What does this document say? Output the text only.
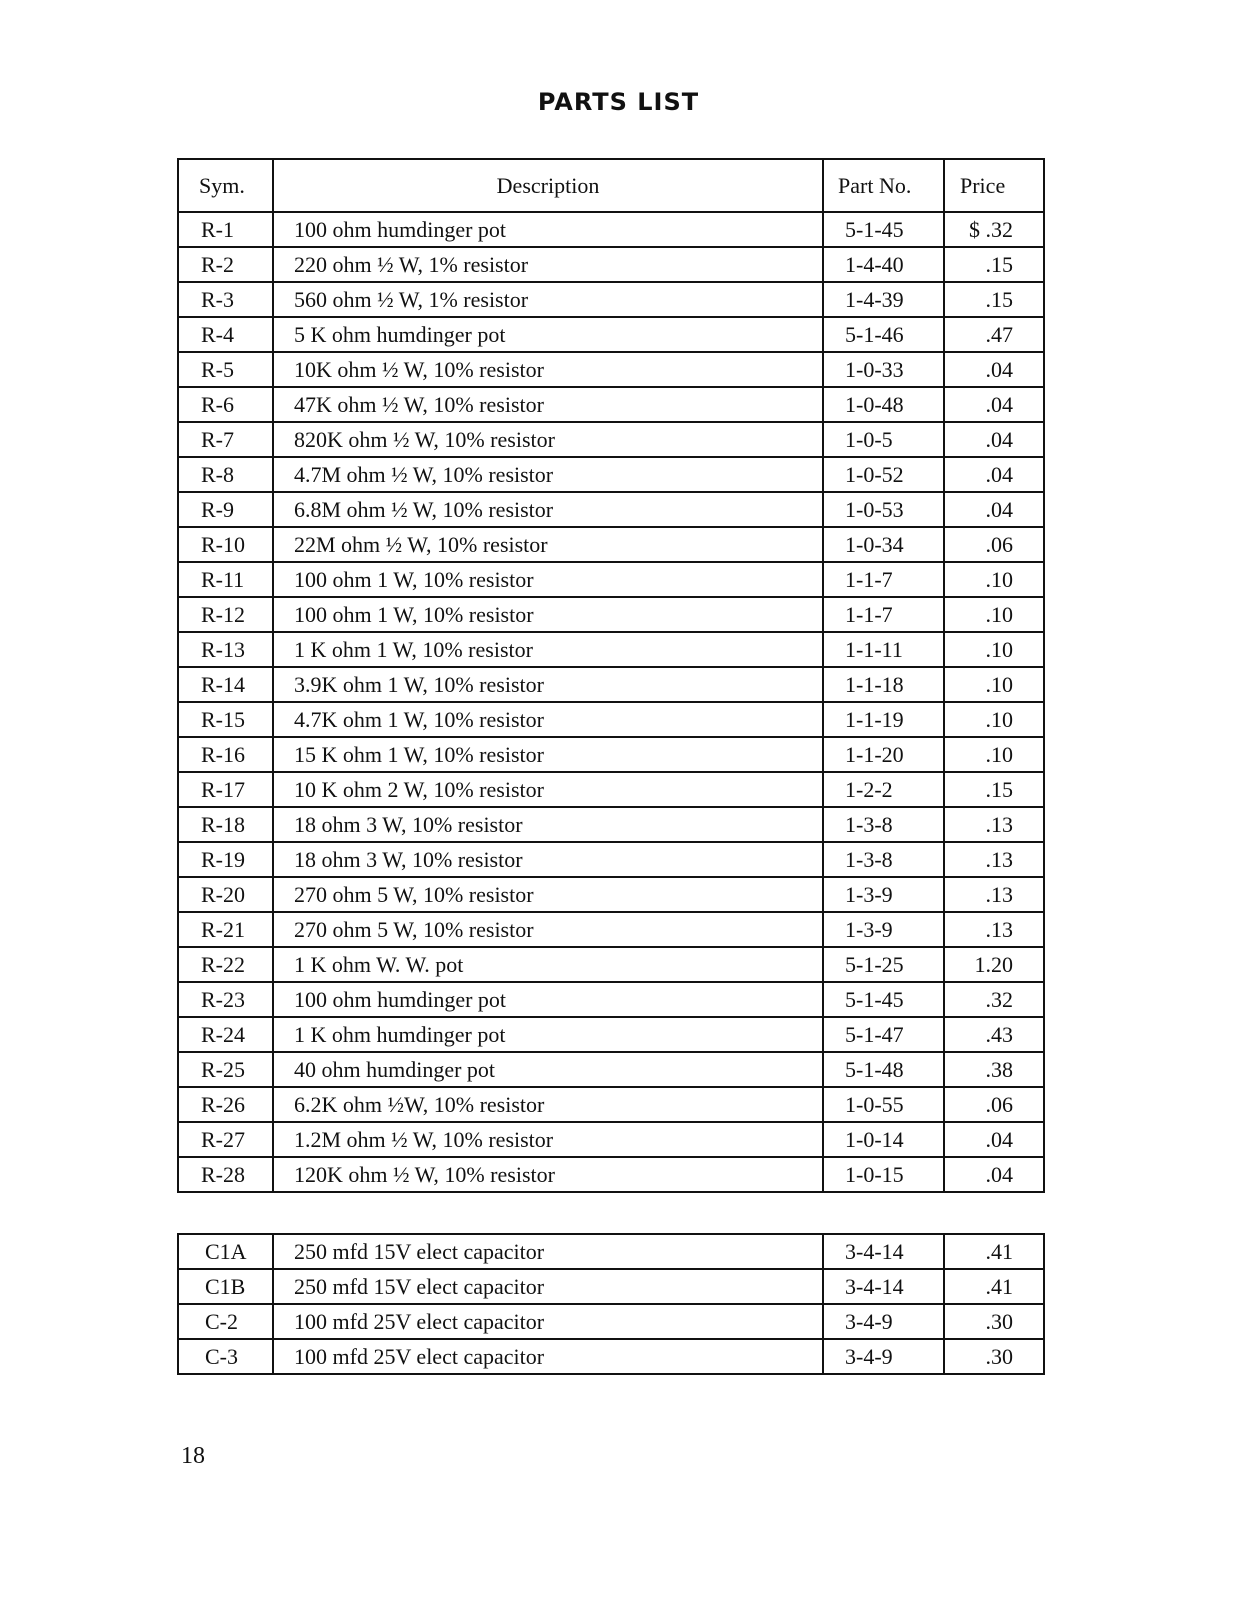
PARTS LIST
Sym.	Description	Part No.	Price
R-1	100 ohm humdinger pot	5-1-45	$ .32
R-2	220 ohm ½ W, 1% resistor	1-4-40	.15
R-3	560 ohm ½ W, 1% resistor	1-4-39	.15
R-4	5 K ohm humdinger pot	5-1-46	.47
R-5	10K ohm ½ W, 10% resistor	1-0-33	.04
R-6	47K ohm ½ W, 10% resistor	1-0-48	.04
R-7	820K ohm ½ W, 10% resistor	1-0-5	.04
R-8	4.7M ohm ½ W, 10% resistor	1-0-52	.04
R-9	6.8M ohm ½ W, 10% resistor	1-0-53	.04
R-10	22M ohm ½ W, 10% resistor	1-0-34	.06
R-11	100 ohm 1 W, 10% resistor	1-1-7	.10
R-12	100 ohm 1 W, 10% resistor	1-1-7	.10
R-13	1 K ohm 1 W, 10% resistor	1-1-11	.10
R-14	3.9K ohm 1 W, 10% resistor	1-1-18	.10
R-15	4.7K ohm 1 W, 10% resistor	1-1-19	.10
R-16	15 K ohm 1 W, 10% resistor	1-1-20	.10
R-17	10 K ohm 2 W, 10% resistor	1-2-2	.15
R-18	18 ohm 3 W, 10% resistor	1-3-8	.13
R-19	18 ohm 3 W, 10% resistor	1-3-8	.13
R-20	270 ohm 5 W, 10% resistor	1-3-9	.13
R-21	270 ohm 5 W, 10% resistor	1-3-9	.13
R-22	1 K ohm W. W. pot	5-1-25	1.20
R-23	100 ohm humdinger pot	5-1-45	.32
R-24	1 K ohm humdinger pot	5-1-47	.43
R-25	40 ohm humdinger pot	5-1-48	.38
R-26	6.2K ohm ½W, 10% resistor	1-0-55	.06
R-27	1.2M ohm ½ W, 10% resistor	1-0-14	.04
R-28	120K ohm ½ W, 10% resistor	1-0-15	.04
C1A	250 mfd 15V elect capacitor	3-4-14	.41
C1B	250 mfd 15V elect capacitor	3-4-14	.41
C-2	100 mfd 25V elect capacitor	3-4-9	.30
C-3	100 mfd 25V elect capacitor	3-4-9	.30
18
